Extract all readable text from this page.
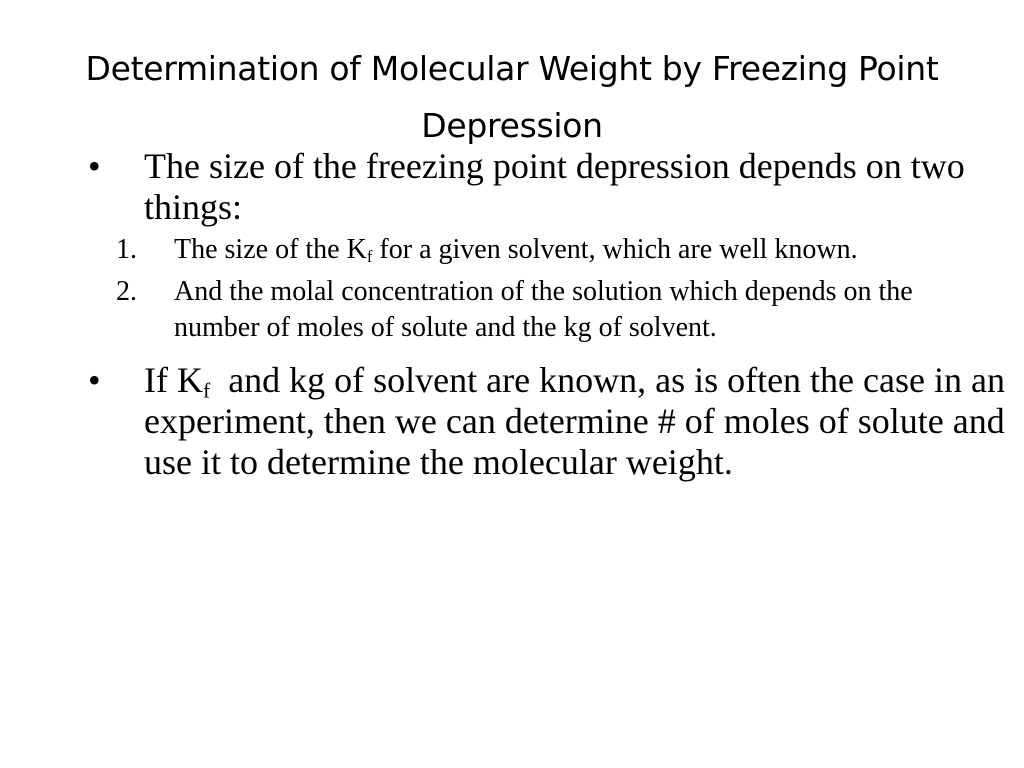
Determination of Molecular Weight by Freezing Point Depression

• The size of the freezing point depression depends on two things:

1. The size of the $K_f$ for a given solvent, which are well known.

2. And the molal concentration of the solution which depends on the number of moles of solute and the kg of solvent.

• If $K_f$  and kg of solvent are known, as is often the case in an experiment, then we can determine # of moles of solute and use it to determine the molecular weight.
